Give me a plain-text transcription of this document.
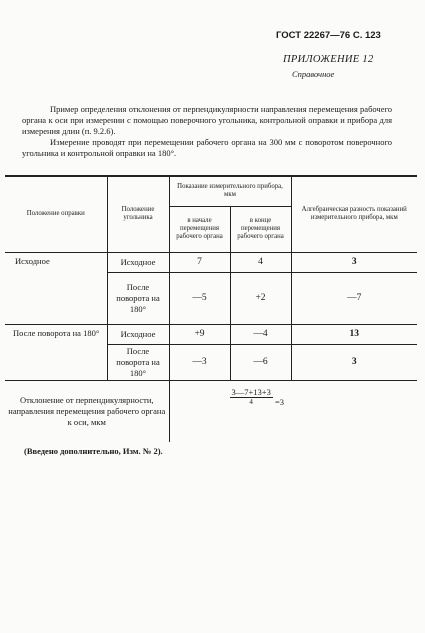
ГОСТ 22267—76 С. 123
ПРИЛОЖЕНИЕ 12
Справочное

Пример определения отклонения от перпендикулярности направления перемещения рабочего органа к оси при измерении с помощью поверочного угольника, контрольной оправки и прибора для измерения длин (п. 9.2.6).

Измерение проводят при перемещении рабочего органа на 300 мм с поворотом поверочного угольника и контрольной оправки на 180°.

Положение оправки	Положение угольника	Показание измерительного прибора, мкм		Алгебраическая разность показаний измерительного прибора, мкм
		в начале перемещения рабочего органа	в конце перемещения рабочего органа	
Исходное	Исходное	7	4	3
	После поворота на 180°	—5	+2	—7
После поворота на 180°	Исходное	+9	—4	13
	После поворота на 180°	—3	—6	3
Отклонение от перпендикулярности, направления перемещения рабочего органа к оси, мкм		$\frac{3—7+13+3}{4} =3$		
(Введено дополнительно, Изм. № 2).
